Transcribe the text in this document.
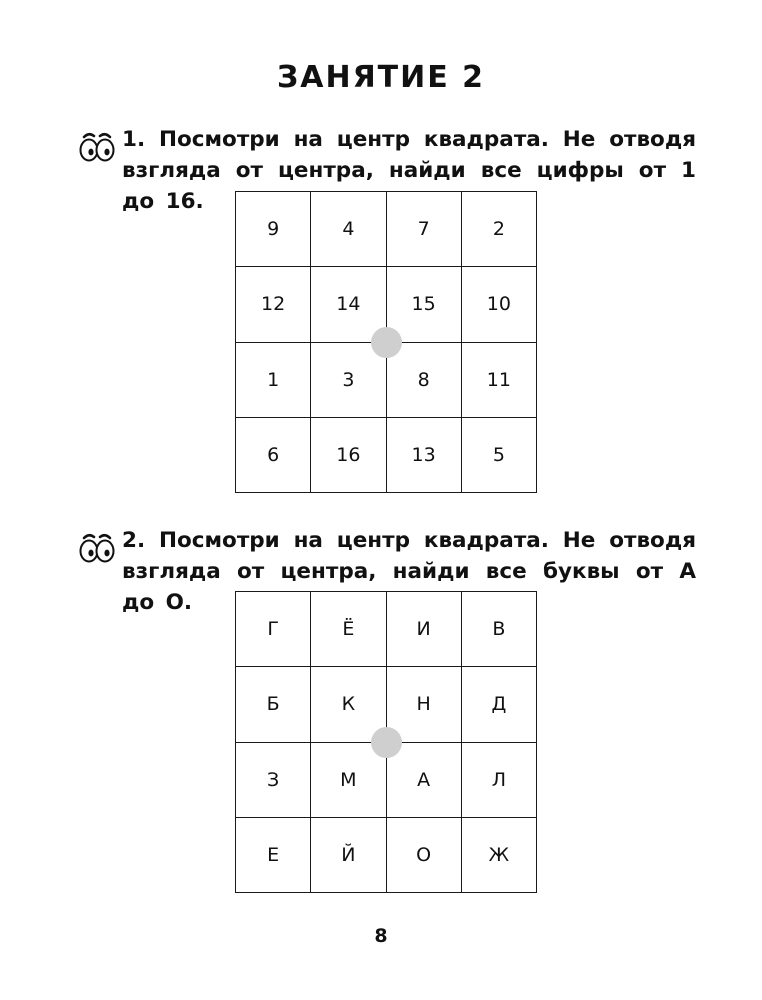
ЗАНЯТИЕ 2
1. Посмотри на центр квадрата. Не отводя взгляда от центра, найди все цифры от 1 до 16.
9	4	7	2
12	14	15	10
1	3	8	11
6	16	13	5
2. Посмотри на центр квадрата. Не отводя взгляда от центра, найди все буквы от А до О.
Г	Ё	И	В
Б	К	Н	Д
З	М	А	Л
Е	Й	О	Ж
8
